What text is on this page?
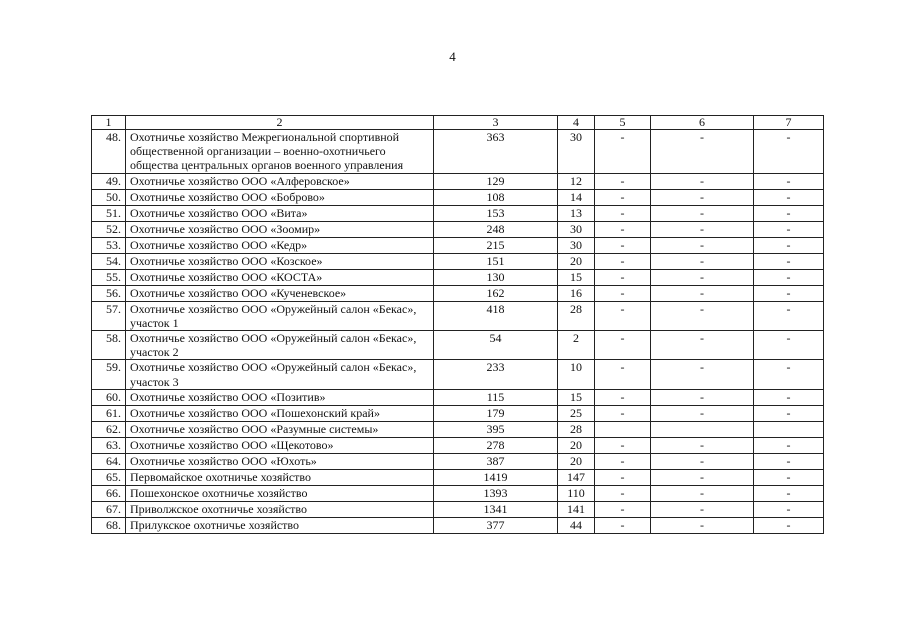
4
1	2	3	4	5	6	7
48.	Охотничье хозяйство Межрегиональной спортивной общественной организации – военно-охотничьего общества центральных органов военного управления	363	30	-	-	-
49.	Охотничье хозяйство ООО «Алферовское»	129	12	-	-	-
50.	Охотничье хозяйство ООО «Боброво»	108	14	-	-	-
51.	Охотничье хозяйство ООО «Вита»	153	13	-	-	-
52.	Охотничье хозяйство ООО «Зоомир»	248	30	-	-	-
53.	Охотничье хозяйство ООО «Кедр»	215	30	-	-	-
54.	Охотничье хозяйство ООО «Козское»	151	20	-	-	-
55.	Охотничье хозяйство ООО «КОСТА»	130	15	-	-	-
56.	Охотничье хозяйство ООО «Кученевское»	162	16	-	-	-
57.	Охотничье хозяйство ООО «Оружейный салон «Бекас», участок 1	418	28	-	-	-
58.	Охотничье хозяйство ООО «Оружейный салон «Бекас», участок 2	54	2	-	-	-
59.	Охотничье хозяйство ООО «Оружейный салон «Бекас», участок 3	233	10	-	-	-
60.	Охотничье хозяйство ООО «Позитив»	115	15	-	-	-
61.	Охотничье хозяйство ООО «Пошехонский край»	179	25	-	-	-
62.	Охотничье хозяйство ООО «Разумные системы»	395	28			
63.	Охотничье хозяйство ООО «Щекотово»	278	20	-	-	-
64.	Охотничье хозяйство ООО «Юхоть»	387	20	-	-	-
65.	Первомайское охотничье хозяйство	1419	147	-	-	-
66.	Пошехонское охотничье хозяйство	1393	110	-	-	-
67.	Приволжское охотничье хозяйство	1341	141	-	-	-
68.	Прилукское охотничье хозяйство	377	44	-	-	-
